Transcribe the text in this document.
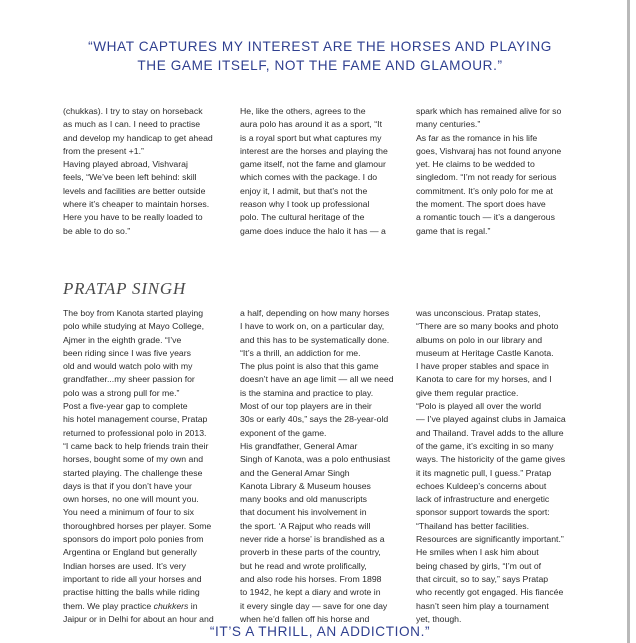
“WHAT CAPTURES MY INTEREST ARE THE HORSES AND PLAYING
THE GAME ITSELF, NOT THE FAME AND GLAMOUR.”

(chukkas). I try to stay on horseback
as much as I can. I need to practise
and develop my handicap to get ahead
from the present +1.”
Having played abroad, Vishvaraj
feels, “We’ve been left behind: skill
levels and facilities are better outside
where it’s cheaper to maintain horses.
Here you have to be really loaded to
be able to do so.”
He, like the others, agrees to the
aura polo has around it as a sport, “It
is a royal sport but what captures my
interest are the horses and playing the
game itself, not the fame and glamour
which comes with the package. I do
enjoy it, I admit, but that’s not the
reason why I took up professional
polo. The cultural heritage of the
game does induce the halo it has — a
spark which has remained alive for so
many centuries.”
As far as the romance in his life
goes, Vishvaraj has not found anyone
yet. He claims to be wedded to
singledom. “I’m not ready for serious
commitment. It’s only polo for me at
the moment. The sport does have
a romantic touch — it’s a dangerous
game that is regal.”
PRATAP SINGH
The boy from Kanota started playing
polo while studying at Mayo College,
Ajmer in the eighth grade. “I’ve
been riding since I was five years
old and would watch polo with my
grandfather...my sheer passion for
polo was a strong pull for me.”
Post a five-year gap to complete
his hotel management course, Pratap
returned to professional polo in 2013.
“I came back to help friends train their
horses, bought some of my own and
started playing. The challenge these
days is that if you don’t have your
own horses, no one will mount you.
You need a minimum of four to six
thoroughbred horses per player. Some
sponsors do import polo ponies from
Argentina or England but generally
Indian horses are used. It’s very
important to ride all your horses and
practise hitting the balls while riding
them. We play practice chukkers in
Jaipur or in Delhi for about an hour and
a half, depending on how many horses
I have to work on, on a particular day,
and this has to be systematically done.
“It’s a thrill, an addiction for me.
The plus point is also that this game
doesn’t have an age limit — all we need
is the stamina and practice to play.
Most of our top players are in their
30s or early 40s,” says the 28-year-old
exponent of the game.
His grandfather, General Amar
Singh of Kanota, was a polo enthusiast
and the General Amar Singh
Kanota Library & Museum houses
many books and old manuscripts
that document his involvement in
the sport. ‘A Rajput who reads will
never ride a horse’ is brandished as a
proverb in these parts of the country,
but he read and wrote prolifically,
and also rode his horses. From 1898
to 1942, he kept a diary and wrote in
it every single day — save for one day
when he’d fallen off his horse and
was unconscious. Pratap states,
“There are so many books and photo
albums on polo in our library and
museum at Heritage Castle Kanota.
I have proper stables and space in
Kanota to care for my horses, and I
give them regular practice.
“Polo is played all over the world
— I’ve played against clubs in Jamaica
and Thailand. Travel adds to the allure
of the game, it’s exciting in so many
ways. The historicity of the game gives
it its magnetic pull, I guess.” Pratap
echoes Kuldeep’s concerns about
lack of infrastructure and energetic
sponsor support towards the sport:
“Thailand has better facilities.
Resources are significantly important.”
He smiles when I ask him about
being chased by girls, “I’m out of
that circuit, so to say,” says Pratap
who recently got engaged. His fiancée
hasn’t seen him play a tournament
yet, though.

“IT’S A THRILL, AN ADDICTION.”
